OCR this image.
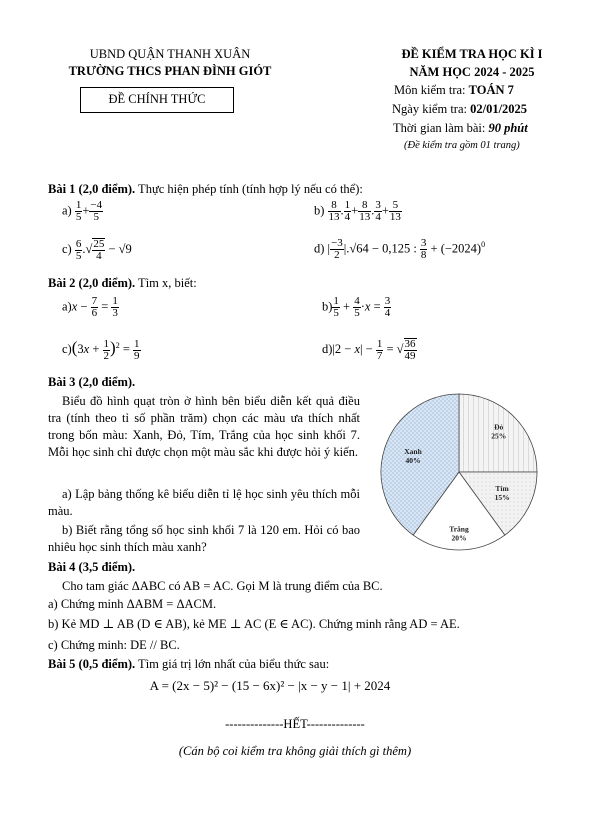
UBND QUẬN THANH XUÂN
TRƯỜNG THCS PHAN ĐÌNH GIÓT
ĐỀ CHÍNH THỨC
ĐỀ KIỂM TRA HỌC KÌ I
NĂM HỌC 2024 - 2025
Môn kiểm tra: TOÁN 7
Ngày kiểm tra: 02/01/2025
Thời gian làm bài: 90 phút
(Đề kiểm tra gồm 01 trang)
Bài 1 (2,0 điểm). Thực hiện phép tính (tính hợp lý nếu có thể):
$a) \frac{1}{5} + \frac{-4}{5}$	$b) \frac{8}{13}$ . $\frac{1}{4} + \frac{8}{13}$ . $\frac{3}{4} + \frac{5}{13}$
$c) \frac{6}{5}$ .√ $\frac{25}{4} - √9$	d) | $\frac{-3}{2} |.√64 - 0,125$ : $\frac{3}{8} + (-2024)^0$
Bài 2 (2,0 điểm). Tìm x, biết:
$a)x - \frac{7}{6} = \frac{1}{3}$	$b) \frac{1}{5} + \frac{4}{5} \cdot x = \frac{3}{4}$
$c)(3x + \frac{1}{2} )^2 = \frac{1}{9}$	$d)|2 - x| - \frac{1}{7}$ = √ $\frac{36}{49}$
Bài 3 (2,0 điểm).
Biểu đồ hình quạt tròn ở hình bên biểu diễn kết quả điều tra (tính theo tỉ số phần trăm) chọn các màu ưa thích nhất trong bốn màu: Xanh, Đỏ, Tím, Trắng của học sinh khối 7. Mỗi học sinh chỉ được chọn một màu sắc khi được hỏi ý kiến.
a) Lập bảng thống kê biểu diễn tỉ lệ học sinh yêu thích mỗi màu.
b) Biết rằng tổng số học sinh khối 7 là 120 em. Hỏi có bao nhiêu học sinh thích màu xanh?
Đỏ
25%
Tím
15%
Trắng
20%
Xanh
40%
Bài 4 (3,5 điểm).
Cho tam giác ΔABC có AB = AC. Gọi M là trung điểm của BC.
a) Chứng minh ΔABM = ΔACM.
b) Kẻ MD ⊥ AB (D ∈ AB), kẻ ME ⊥ AC (E ∈ AC). Chứng minh rằng AD = AE.
c) Chứng minh: DE // BC.
Bài 5 (0,5 điểm). Tìm giá trị lớn nhất của biểu thức sau:
A = (2x − 5)² − (15 − 6x)² − |x − y − 1| + 2024
--------------HẾT--------------
(Cán bộ coi kiểm tra không giải thích gì thêm)
